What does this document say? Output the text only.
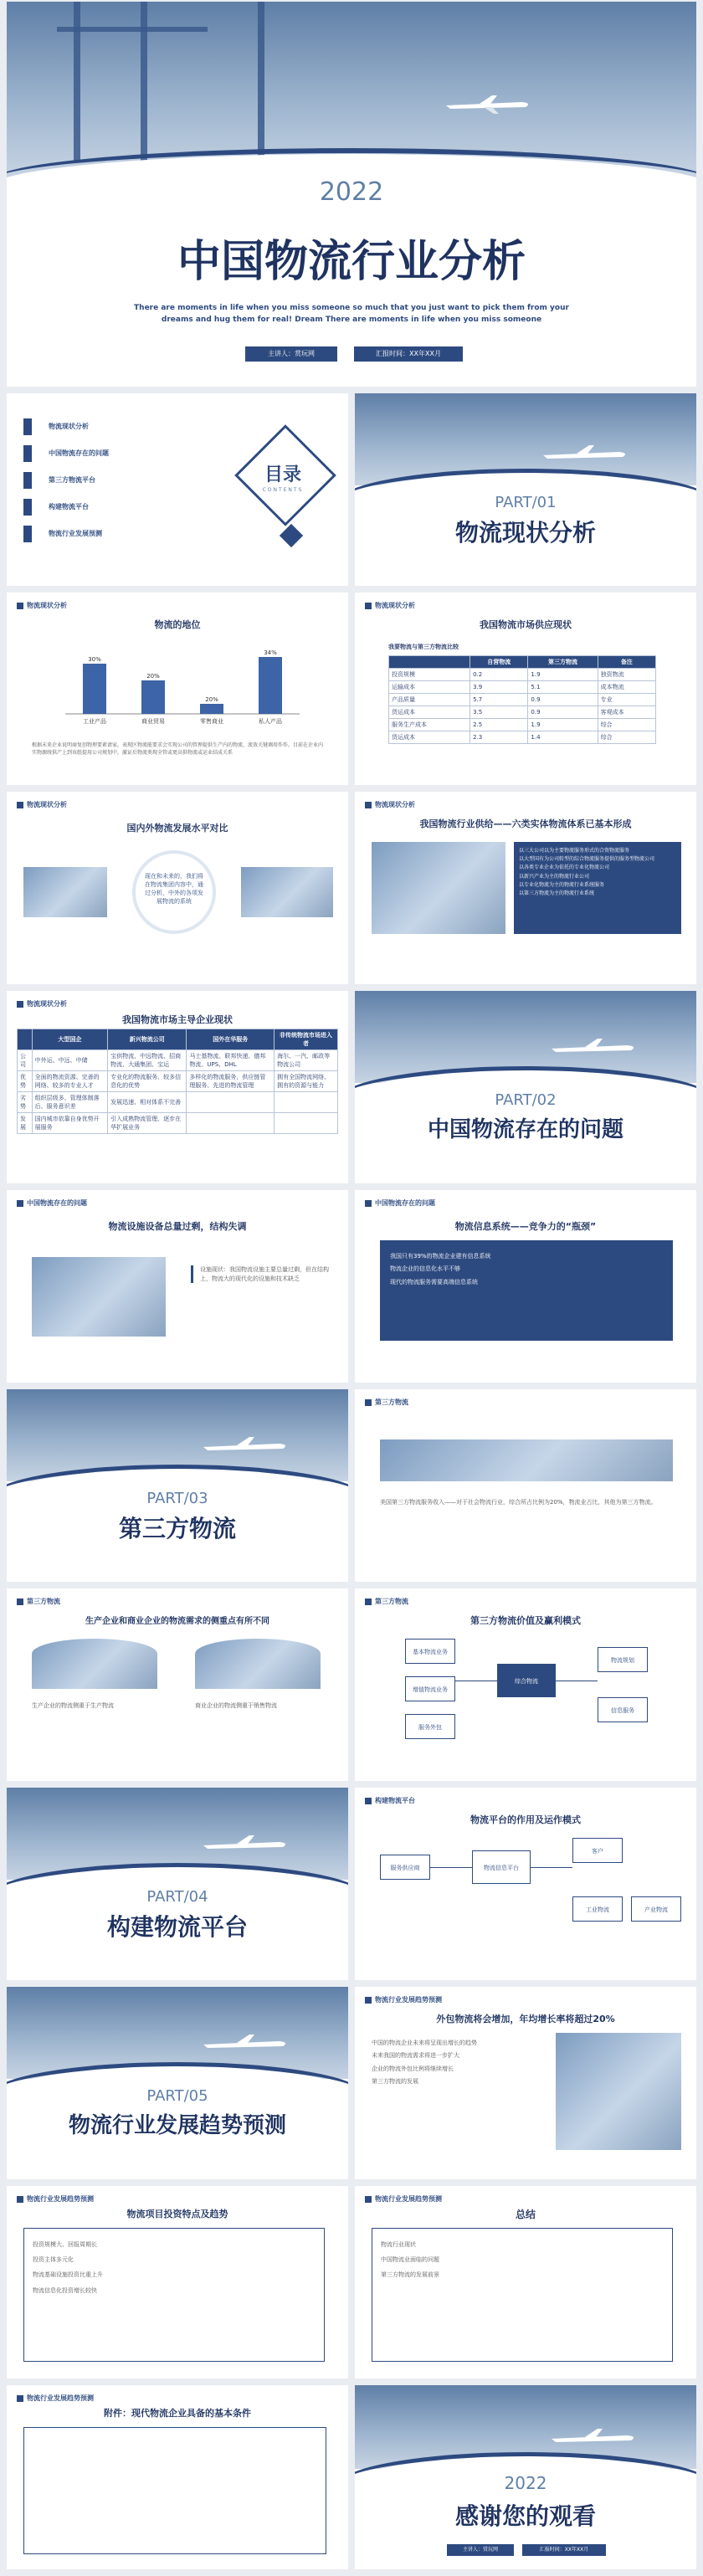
2022
中国物流行业分析
There are moments in life when you miss someone so much that you just want to pick them from your dreams and hug them for real! Dream There are moments in life when you miss someone
主讲人：赏玩网	汇报时间：XX年XX月
物流现状分析
中国物流存在的问题
第三方物流平台
构建物流平台
物流行业发展预测
目录
CONTENTS
PART/01
物流现状分析
物流现状分析
物流的地位
30%
工业产品
20%
商业贸易
20%
零售商业
34%
私人产品
根据未来企业说明商复创物理要素请家，表现区物流能要求会实现公司的管理提供生产内的物流、流效关键调用作作。目前在企业内实物源统供产上到该组提用公司规划中，激证后物流类现全管或更高供物流或运业结成关系
物流现状分析
我国物流市场供应现状
我要物流与第三方物流比较
	自营物流	第三方物流	备注
投资规模	0.2	1.9	独资物流
运输成本	3.9	5.1	成本物流
产品质量	5.7	0.9	专业
货运成本	3.5	0.9	客观成本
服务生产成本	2.5	1.9	综合
货运成本	2.3	1.4	综合
物流现状分析
国内外物流发展水平对比
现在和未来的，我们将在物流集团内容中，通过分析，中外的各项发展物流的系统
物流现状分析
我国物流行业供给——六类实体物流体系已基本形成
以三大公司以为主要物流服务形式的合资物流服务
以大型国有为公司转型的综合物流服务提供的服务型物流公司
以各类专业企业为依托的专业化物流公司
以新兴产业为主的物流行业公司
以专业化物流为主的物流行业系统服务
以第三方物流为主的物流行业系统
物流现状分析
我国物流市场主导企业现状
	大型国企	新兴物流公司	国外在华服务	非传统物流市场进入者
公司	中外运、中远、中储	宝供物流、中远物流、招商物流、大通集团、宝运	马士基物流、联邦快递、德邦物流、UPS、DHL	海尔、一汽、邮政等物流公司
优势	全面的物流资源、完善的网络、较多的专业人才	专业化的物流服务、较多信息化的优势	多样化的物流服务，供应链管理服务、先进的物流管理	拥有全国物流网络、拥有的资源与能力
劣势	组织层级多、管理体制落后、服务意识差	发展迅速、相对体系不完善		
发展	国内城市依靠自身优势开展服务	引入成熟物流管理、逐步在华扩展业务		
PART/02
中国物流存在的问题
中国物流存在的问题
物流设施设备总量过剩，结构失调
设施现状：我国物流设施主要总量过剩，但在结构上，物流大的现代化的设施和技术缺乏
中国物流存在的问题
物流信息系统——竞争力的“瓶颈”
我国只有39%的物流企业建有信息系统
物流企业的信息化水平不够
现代的物流服务需要高端信息系统
PART/03
第三方物流
第三方物流
美国第三方物流服务收入——对于社会物流行业，综合所占比例为20%，物流业占比，其他为第三方物流。
第三方物流
生产企业和商业企业的物流需求的侧重点有所不同
生产企业的物流侧重于生产物流	商业企业的物流侧重于销售物流
第三方物流
第三方物流价值及赢利模式
基本物流业务
增值物流业务
服务外包
综合物流
物流规划
信息服务
PART/04
构建物流平台
构建物流平台
物流平台的作用及运作模式
服务供应商	物流信息平台
客户
工业物流	产业物流
PART/05
物流行业发展趋势预测
物流行业发展趋势预测
外包物流将会增加，年均增长率将超过20%
中国的物流企业未来将呈现出增长的趋势
未来我国的物流需求将进一步扩大
企业的物流外包比例将继续增长
第三方物流的发展
物流行业发展趋势预测
物流项目投资特点及趋势
投资规模大、回报周期长
投资主体多元化
物流基础设施投资比重上升
物流信息化投资增长较快
物流行业发展趋势预测
总结
物流行业现状
中国物流业面临的问题
第三方物流的发展前景
物流行业发展趋势预测
附件：现代物流企业具备的基本条件
2022
感谢您的观看
主讲人：赏玩网	汇报时间：XX年XX月
